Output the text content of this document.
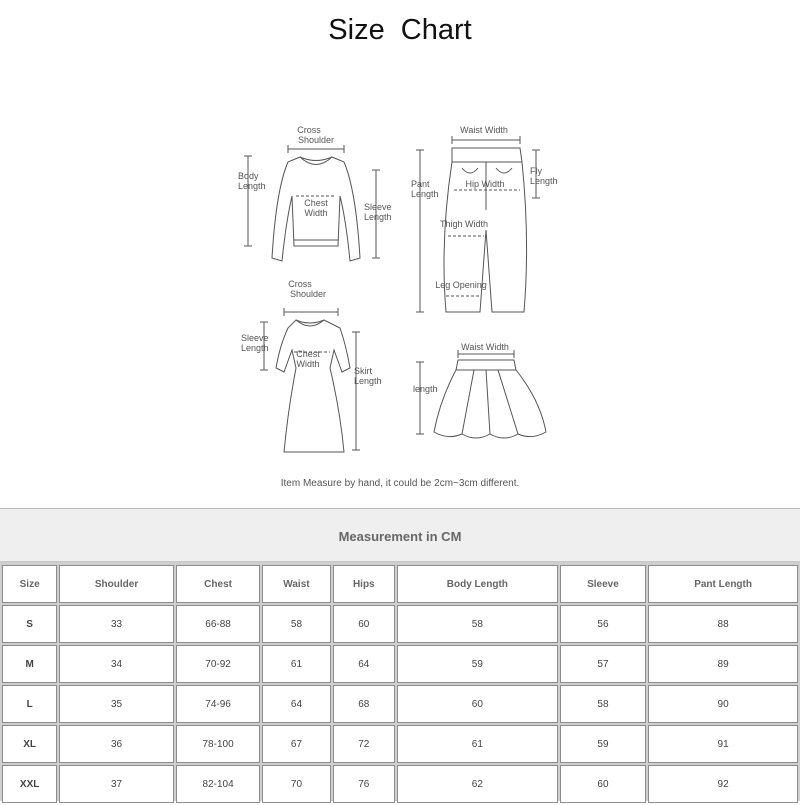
Size Chart
Cross
Shoulder
Body
Length
Chest
Width
Sleeve
Length
Waist Width
Pant
Length
Fly
Length
Hip Width
Thigh Width
Leg Opening
Cross
Shoulder
Sleeve
Length
Chest
Width
Skirt
Length
Waist Width
length
Item Measure by hand, it could be 2cm~3cm different.
Measurement in CM
Size	Shoulder	Chest	Waist	Hips	Body Length	Sleeve	Pant Length
S	33	66-88	58	60	58	56	88
M	34	70-92	61	64	59	57	89
L	35	74-96	64	68	60	58	90
XL	36	78-100	67	72	61	59	91
XXL	37	82-104	70	76	62	60	92
